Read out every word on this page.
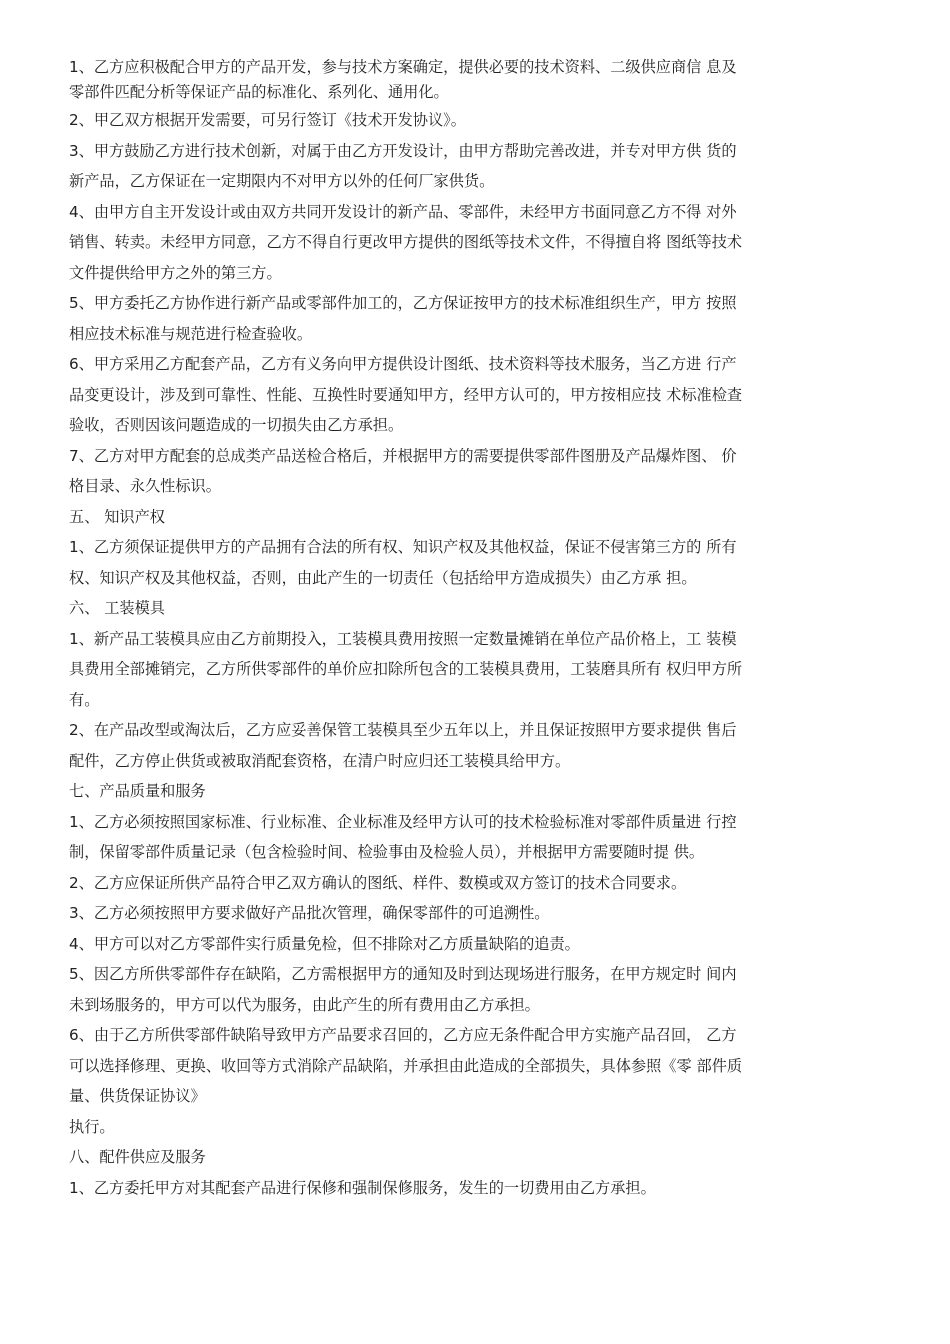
1、乙方应积极配合甲方的产品开发，参与技术方案确定，提供必要的技术资料、二级供应商信 息及
零部件匹配分析等保证产品的标准化、系列化、通用化。
2、甲乙双方根据开发需要，可另行签订《技术开发协议》。
3、甲方鼓励乙方进行技术创新，对属于由乙方开发设计，由甲方帮助完善改进，并专对甲方供 货的
新产品，乙方保证在一定期限内不对甲方以外的任何厂家供货。
4、由甲方自主开发设计或由双方共同开发设计的新产品、零部件，未经甲方书面同意乙方不得 对外
销售、转卖。未经甲方同意，乙方不得自行更改甲方提供的图纸等技术文件，不得擅自将 图纸等技术
文件提供给甲方之外的第三方。
5、甲方委托乙方协作进行新产品或零部件加工的，乙方保证按甲方的技术标准组织生产，甲方 按照
相应技术标准与规范进行检查验收。
6、甲方采用乙方配套产品，乙方有义务向甲方提供设计图纸、技术资料等技术服务，当乙方进 行产
品变更设计，涉及到可靠性、性能、互换性时要通知甲方，经甲方认可的，甲方按相应技 术标准检查
验收，否则因该问题造成的一切损失由乙方承担。
7、乙方对甲方配套的总成类产品送检合格后，并根据甲方的需要提供零部件图册及产品爆炸图、 价
格目录、永久性标识。
五、 知识产权
1、乙方须保证提供甲方的产品拥有合法的所有权、知识产权及其他权益，保证不侵害第三方的 所有
权、知识产权及其他权益，否则，由此产生的一切责任（包括给甲方造成损失）由乙方承 担。
六、 工装模具
1、新产品工装模具应由乙方前期投入，工装模具费用按照一定数量摊销在单位产品价格上，工 装模
具费用全部摊销完，乙方所供零部件的单价应扣除所包含的工装模具费用，工装磨具所有 权归甲方所
有。
2、在产品改型或淘汰后，乙方应妥善保管工装模具至少五年以上，并且保证按照甲方要求提供 售后
配件，乙方停止供货或被取消配套资格，在清户时应归还工装模具给甲方。
七、产品质量和服务
1、乙方必须按照国家标准、行业标准、企业标准及经甲方认可的技术检验标准对零部件质量进 行控
制，保留零部件质量记录（包含检验时间、检验事由及检验人员），并根据甲方需要随时提 供。
2、乙方应保证所供产品符合甲乙双方确认的图纸、样件、数模或双方签订的技术合同要求。
3、乙方必须按照甲方要求做好产品批次管理，确保零部件的可追溯性。
4、甲方可以对乙方零部件实行质量免检，但不排除对乙方质量缺陷的追责。
5、因乙方所供零部件存在缺陷，乙方需根据甲方的通知及时到达现场进行服务，在甲方规定时 间内
未到场服务的，甲方可以代为服务，由此产生的所有费用由乙方承担。
6、由于乙方所供零部件缺陷导致甲方产品要求召回的，乙方应无条件配合甲方实施产品召回， 乙方
可以选择修理、更换、收回等方式消除产品缺陷，并承担由此造成的全部损失，具体参照《零 部件质
量、供货保证协议》
执行。
八、配件供应及服务
1、乙方委托甲方对其配套产品进行保修和强制保修服务，发生的一切费用由乙方承担。
